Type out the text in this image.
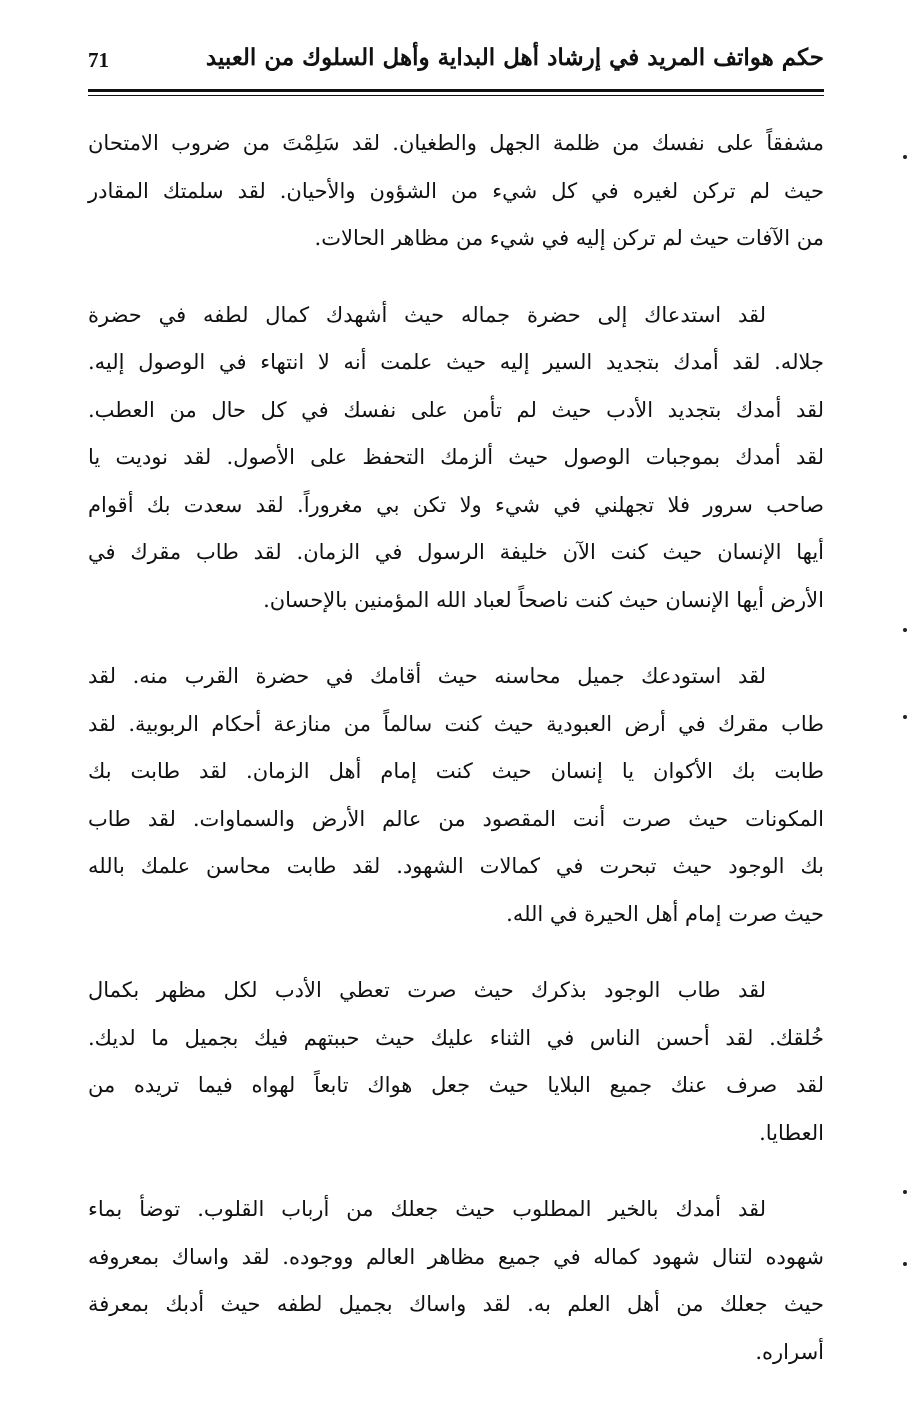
حكم هواتف المريد في إرشاد أهل البداية وأهل السلوك من العبيد
71
مشفقاً على نفسك من ظلمة الجهل والطغيان. لقد سَلِمْتَ من ضروب الامتحان
حيث لم تركن لغيره في كل شيء من الشؤون والأحيان. لقد سلمتك المقادر
من الآفات حيث لم تركن إليه في شيء من مظاهر الحالات.
لقد استدعاك إلى حضرة جماله حيث أشهدك كمال لطفه في حضرة
جلاله. لقد أمدك بتجديد السير إليه حيث علمت أنه لا انتهاء في الوصول إليه.
لقد أمدك بتجديد الأدب حيث لم تأمن على نفسك في كل حال من العطب.
لقد أمدك بموجبات الوصول حيث ألزمك التحفظ على الأصول. لقد نوديت يا
صاحب سرور فلا تجهلني في شيء ولا تكن بي مغروراً. لقد سعدت بك أقوام
أيها الإنسان حيث كنت الآن خليفة الرسول في الزمان. لقد طاب مقرك في
الأرض أيها الإنسان حيث كنت ناصحاً لعباد الله المؤمنين بالإحسان.
لقد استودعك جميل محاسنه حيث أقامك في حضرة القرب منه. لقد
طاب مقرك في أرض العبودية حيث كنت سالماً من منازعة أحكام الربوبية. لقد
طابت بك الأكوان يا إنسان حيث كنت إمام أهل الزمان. لقد طابت بك
المكونات حيث صرت أنت المقصود من عالم الأرض والسماوات. لقد طاب
بك الوجود حيث تبحرت في كمالات الشهود. لقد طابت محاسن علمك بالله
حيث صرت إمام أهل الحيرة في الله.
لقد طاب الوجود بذكرك حيث صرت تعطي الأدب لكل مظهر بكمال
خُلقك. لقد أحسن الناس في الثناء عليك حيث حببتهم فيك بجميل ما لديك.
لقد صرف عنك جميع البلايا حيث جعل هواك تابعاً لهواه فيما تريده من
العطايا.
لقد أمدك بالخير المطلوب حيث جعلك من أرباب القلوب. توضأ بماء
شهوده لتنال شهود كماله في جميع مظاهر العالم ووجوده. لقد واساك بمعروفه
حيث جعلك من أهل العلم به. لقد واساك بجميل لطفه حيث أدبك بمعرفة
أسراره.
